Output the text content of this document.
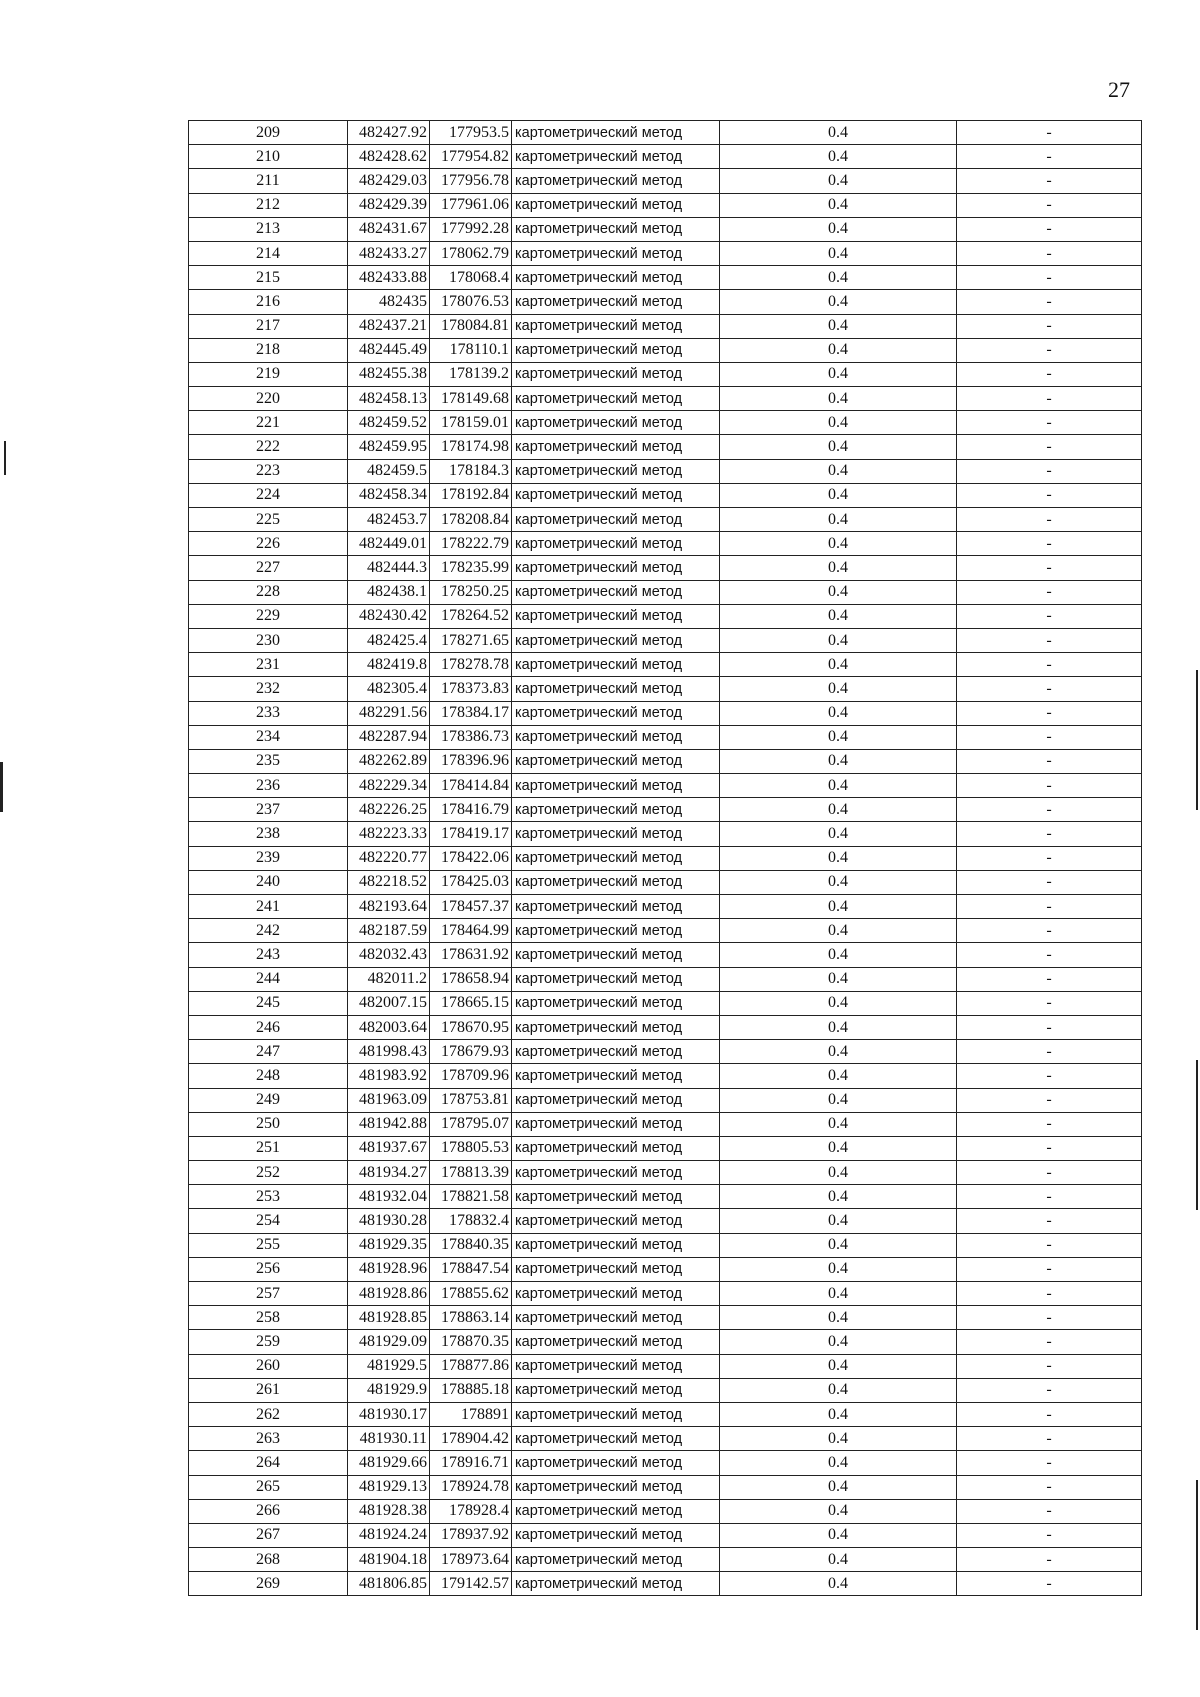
27
209	482427.92	177953.5	картометрический метод	0.4	-
210	482428.62	177954.82	картометрический метод	0.4	-
211	482429.03	177956.78	картометрический метод	0.4	-
212	482429.39	177961.06	картометрический метод	0.4	-
213	482431.67	177992.28	картометрический метод	0.4	-
214	482433.27	178062.79	картометрический метод	0.4	-
215	482433.88	178068.4	картометрический метод	0.4	-
216	482435	178076.53	картометрический метод	0.4	-
217	482437.21	178084.81	картометрический метод	0.4	-
218	482445.49	178110.1	картометрический метод	0.4	-
219	482455.38	178139.2	картометрический метод	0.4	-
220	482458.13	178149.68	картометрический метод	0.4	-
221	482459.52	178159.01	картометрический метод	0.4	-
222	482459.95	178174.98	картометрический метод	0.4	-
223	482459.5	178184.3	картометрический метод	0.4	-
224	482458.34	178192.84	картометрический метод	0.4	-
225	482453.7	178208.84	картометрический метод	0.4	-
226	482449.01	178222.79	картометрический метод	0.4	-
227	482444.3	178235.99	картометрический метод	0.4	-
228	482438.1	178250.25	картометрический метод	0.4	-
229	482430.42	178264.52	картометрический метод	0.4	-
230	482425.4	178271.65	картометрический метод	0.4	-
231	482419.8	178278.78	картометрический метод	0.4	-
232	482305.4	178373.83	картометрический метод	0.4	-
233	482291.56	178384.17	картометрический метод	0.4	-
234	482287.94	178386.73	картометрический метод	0.4	-
235	482262.89	178396.96	картометрический метод	0.4	-
236	482229.34	178414.84	картометрический метод	0.4	-
237	482226.25	178416.79	картометрический метод	0.4	-
238	482223.33	178419.17	картометрический метод	0.4	-
239	482220.77	178422.06	картометрический метод	0.4	-
240	482218.52	178425.03	картометрический метод	0.4	-
241	482193.64	178457.37	картометрический метод	0.4	-
242	482187.59	178464.99	картометрический метод	0.4	-
243	482032.43	178631.92	картометрический метод	0.4	-
244	482011.2	178658.94	картометрический метод	0.4	-
245	482007.15	178665.15	картометрический метод	0.4	-
246	482003.64	178670.95	картометрический метод	0.4	-
247	481998.43	178679.93	картометрический метод	0.4	-
248	481983.92	178709.96	картометрический метод	0.4	-
249	481963.09	178753.81	картометрический метод	0.4	-
250	481942.88	178795.07	картометрический метод	0.4	-
251	481937.67	178805.53	картометрический метод	0.4	-
252	481934.27	178813.39	картометрический метод	0.4	-
253	481932.04	178821.58	картометрический метод	0.4	-
254	481930.28	178832.4	картометрический метод	0.4	-
255	481929.35	178840.35	картометрический метод	0.4	-
256	481928.96	178847.54	картометрический метод	0.4	-
257	481928.86	178855.62	картометрический метод	0.4	-
258	481928.85	178863.14	картометрический метод	0.4	-
259	481929.09	178870.35	картометрический метод	0.4	-
260	481929.5	178877.86	картометрический метод	0.4	-
261	481929.9	178885.18	картометрический метод	0.4	-
262	481930.17	178891	картометрический метод	0.4	-
263	481930.11	178904.42	картометрический метод	0.4	-
264	481929.66	178916.71	картометрический метод	0.4	-
265	481929.13	178924.78	картометрический метод	0.4	-
266	481928.38	178928.4	картометрический метод	0.4	-
267	481924.24	178937.92	картометрический метод	0.4	-
268	481904.18	178973.64	картометрический метод	0.4	-
269	481806.85	179142.57	картометрический метод	0.4	-
